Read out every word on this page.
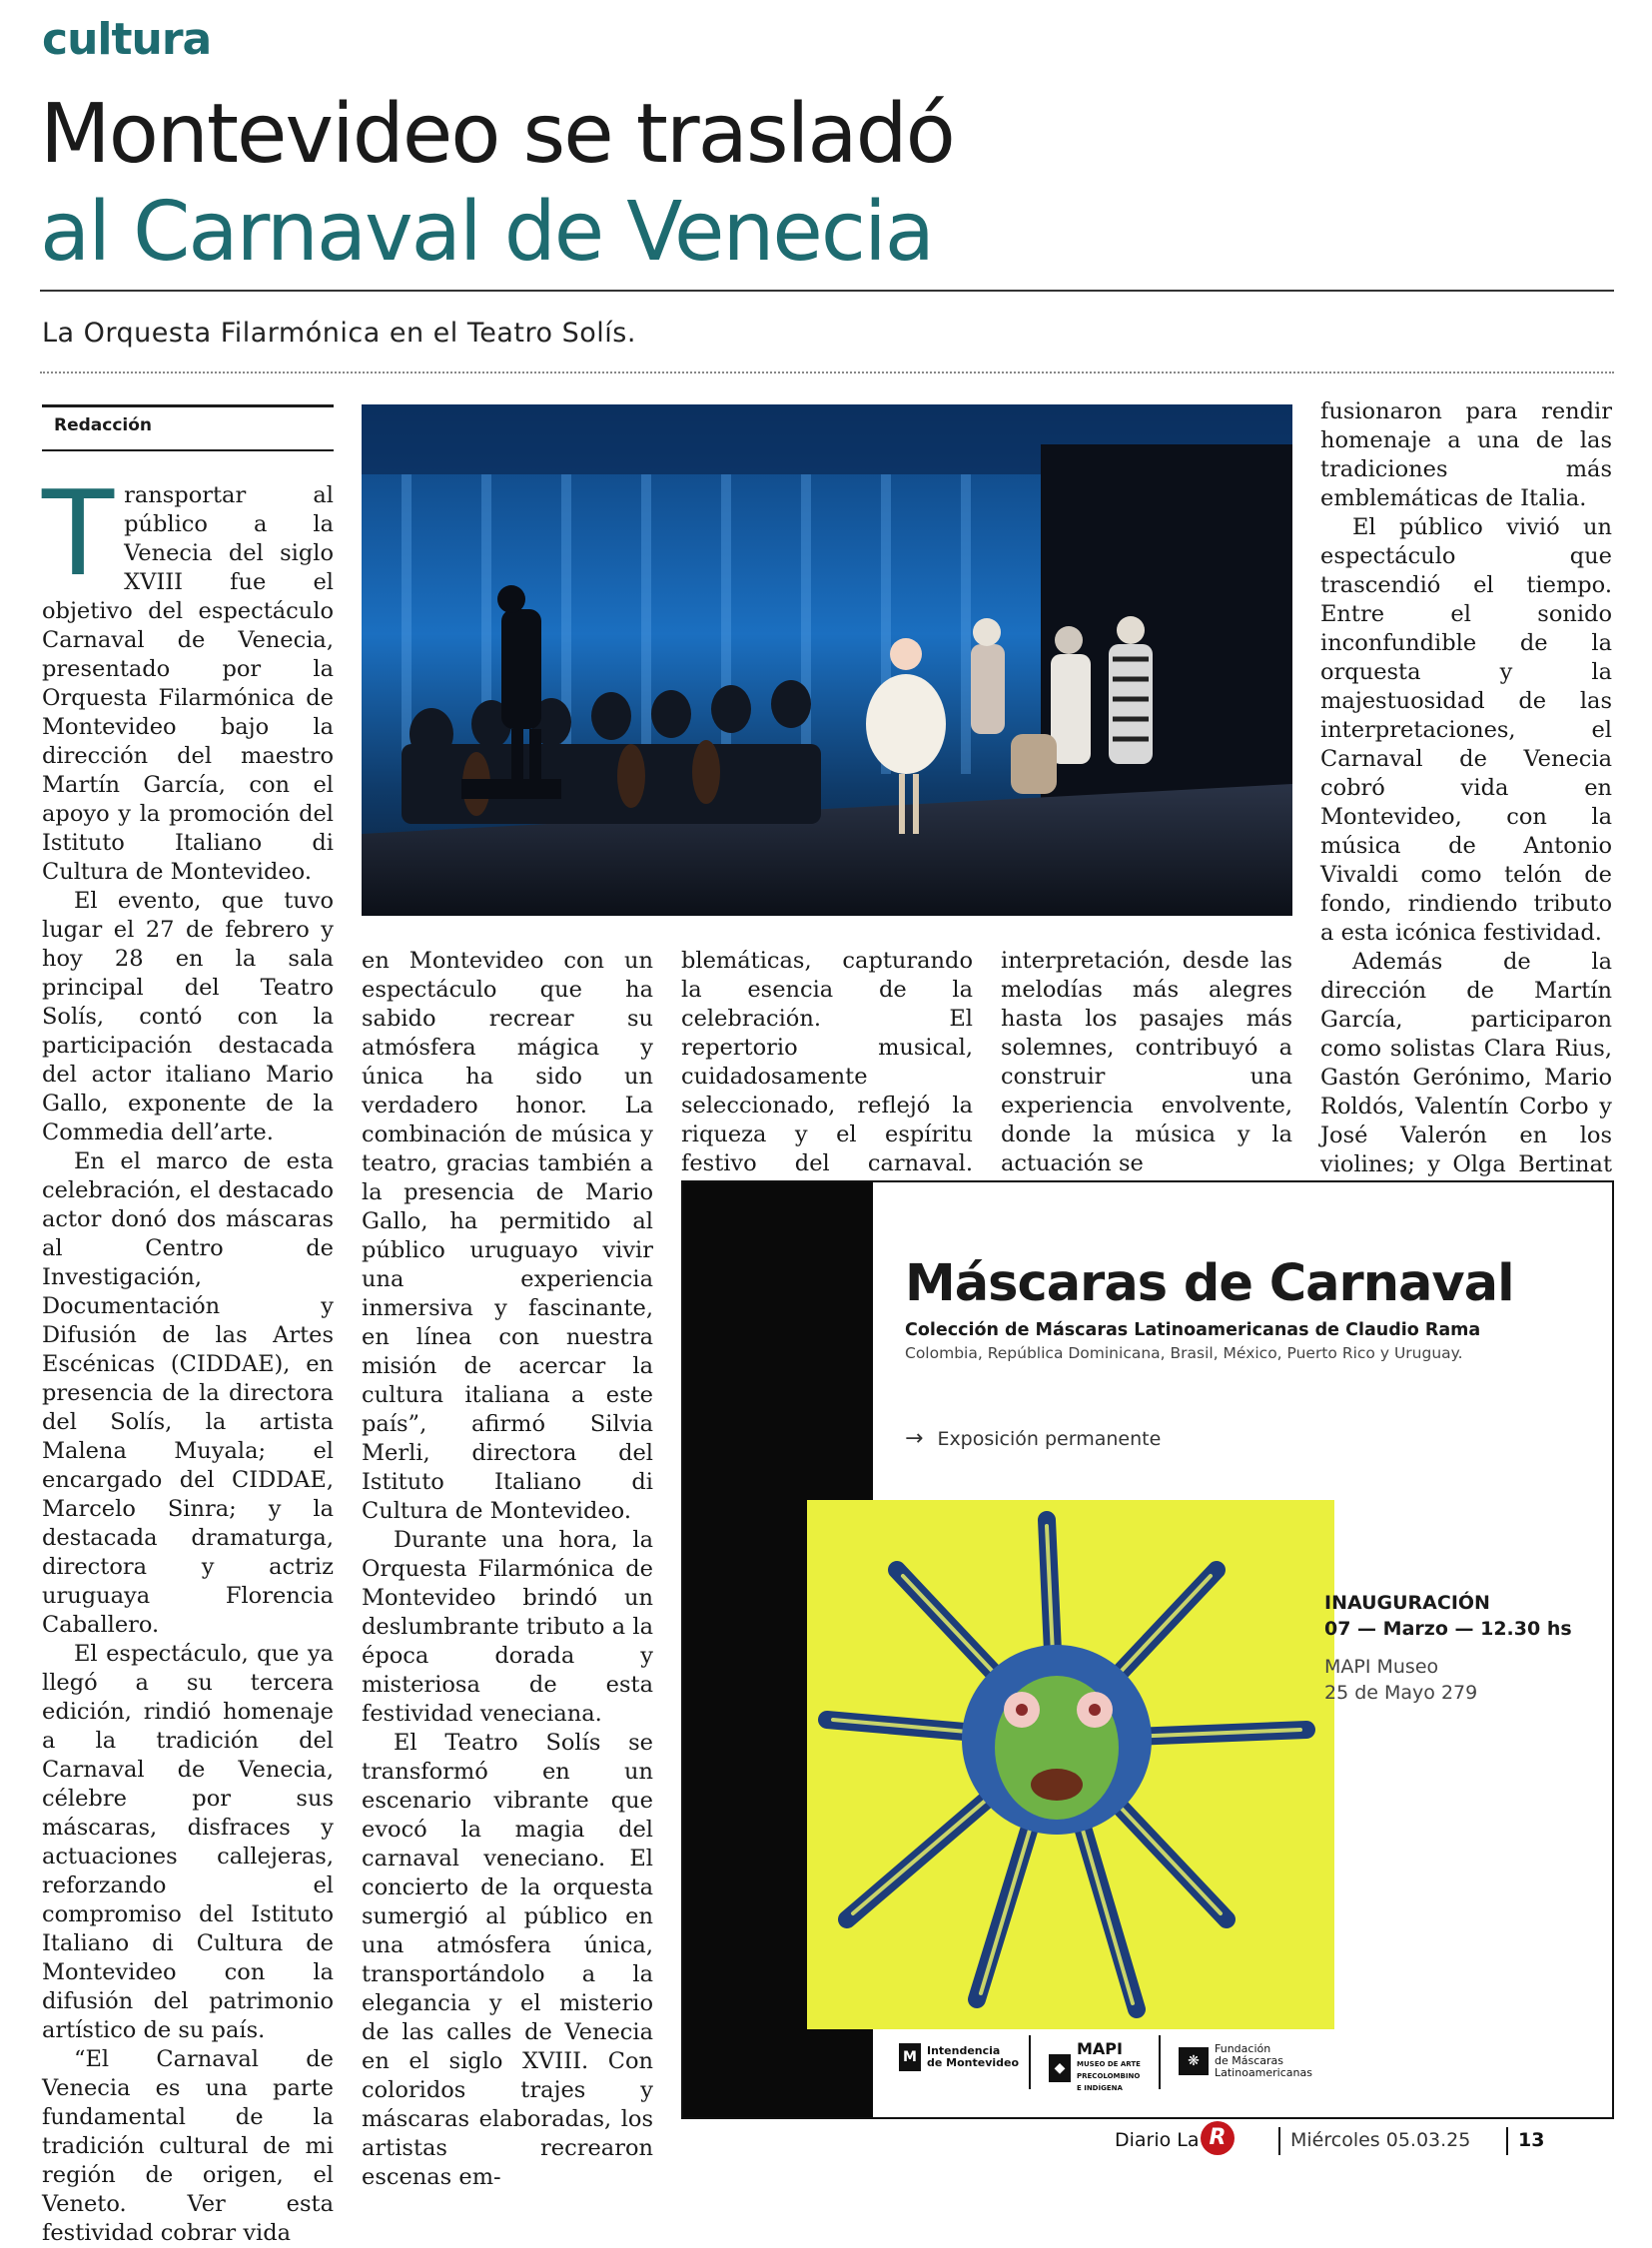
cultura
Montevideo se trasladó
al Carnaval de Venecia
La Orquesta Filarmónica en el Teatro Solís.
Redacción

Transportar al público a la Venecia del siglo XVIII fue el objetivo del espectáculo Carnaval de Venecia, presentado por la Orquesta Filarmónica de Montevideo bajo la dirección del maestro Martín García, con el apoyo y la promoción del Istituto Italiano di Cultura de Montevideo.

El evento, que tuvo lugar el 27 de febrero y hoy 28 en la sala principal del Teatro Solís, contó con la participación destacada del actor italiano Mario Gallo, exponente de la Commedia dell’arte.

En el marco de esta celebración, el destacado actor donó dos máscaras al Centro de Investigación, Documentación y Difusión de las Artes Escénicas (CIDDAE), en presencia de la directora del Solís, la artista Malena Muyala; el encargado del CIDDAE, Marcelo Sinra; y la destacada dramaturga, directora y actriz uruguaya Florencia Caballero.

El espectáculo, que ya llegó a su tercera edición, rindió homenaje a la tradición del Carnaval de Venecia, célebre por sus máscaras, disfraces y actuaciones callejeras, reforzando el compromiso del Istituto Italiano di Cultura de Montevideo con la difusión del patrimonio artístico de su país.

“El Carnaval de Venecia es una parte fundamental de la tradición cultural de mi región de origen, el Veneto. Ver esta festividad cobrar vida

en Montevideo con un espectáculo que ha sabido recrear su atmósfera mágica y única ha sido un verdadero honor. La combinación de música y teatro, gracias también a la presencia de Mario Gallo, ha permitido al público uruguayo vivir una experiencia inmersiva y fascinante, en línea con nuestra misión de acercar la cultura italiana a este país”, afirmó Silvia Merli, directora del Istituto Italiano di Cultura de Montevideo.

Durante una hora, la Orquesta Filarmónica de Montevideo brindó un deslumbrante tributo a la época dorada y misteriosa de esta festividad veneciana.

El Teatro Solís se transformó en un escenario vibrante que evocó la magia del carnaval veneciano. El concierto de la orquesta sumergió al público en una atmósfera única, transportándolo a la elegancia y el misterio de las calles de Venecia en el siglo XVIII. Con coloridos trajes y máscaras elaboradas, los artistas recrearon escenas em-

blemáticas, capturando la esencia de la celebración. El repertorio musical, cuidadosamente seleccionado, reflejó la riqueza y el espíritu festivo del carnaval.

interpretación, desde las melodías más alegres hasta los pasajes más solemnes, contribuyó a construir una experiencia envolvente, donde la música y la actuación se

fusionaron para rendir homenaje a una de las tradiciones más emblemáticas de Italia.

El público vivió un espectáculo que trascendió el tiempo. Entre el sonido inconfundible de la orquesta y la majestuosidad de las interpretaciones, el Carnaval de Venecia cobró vida en Montevideo, con la música de Antonio Vivaldi como telón de fondo, rindiendo tributo a esta icónica festividad.

Además de la dirección de Martín García, participaron como solistas Clara Rius, Gastón Gerónimo, Mario Roldós, Valentín Corbo y José Valerón en los violines; y Olga Bertinat

Máscaras de Carnaval
Colección de Máscaras Latinoamericanas de Claudio Rama
Colombia, República Dominicana, Brasil, México, Puerto Rico y Uruguay.
→ Exposición permanente
INAUGURACIÓN
07 — Marzo — 12.30 hs
MAPI Museo
25 de Mayo 279
M Intendencia
de Montevideo	◆
MAPI
MUSEO DE ARTE
PRECOLOMBINO
E INDÍGENA
❋
Fundación
de Máscaras
Latinoamericanas
Diario La R	Miércoles 05.03.25	13
